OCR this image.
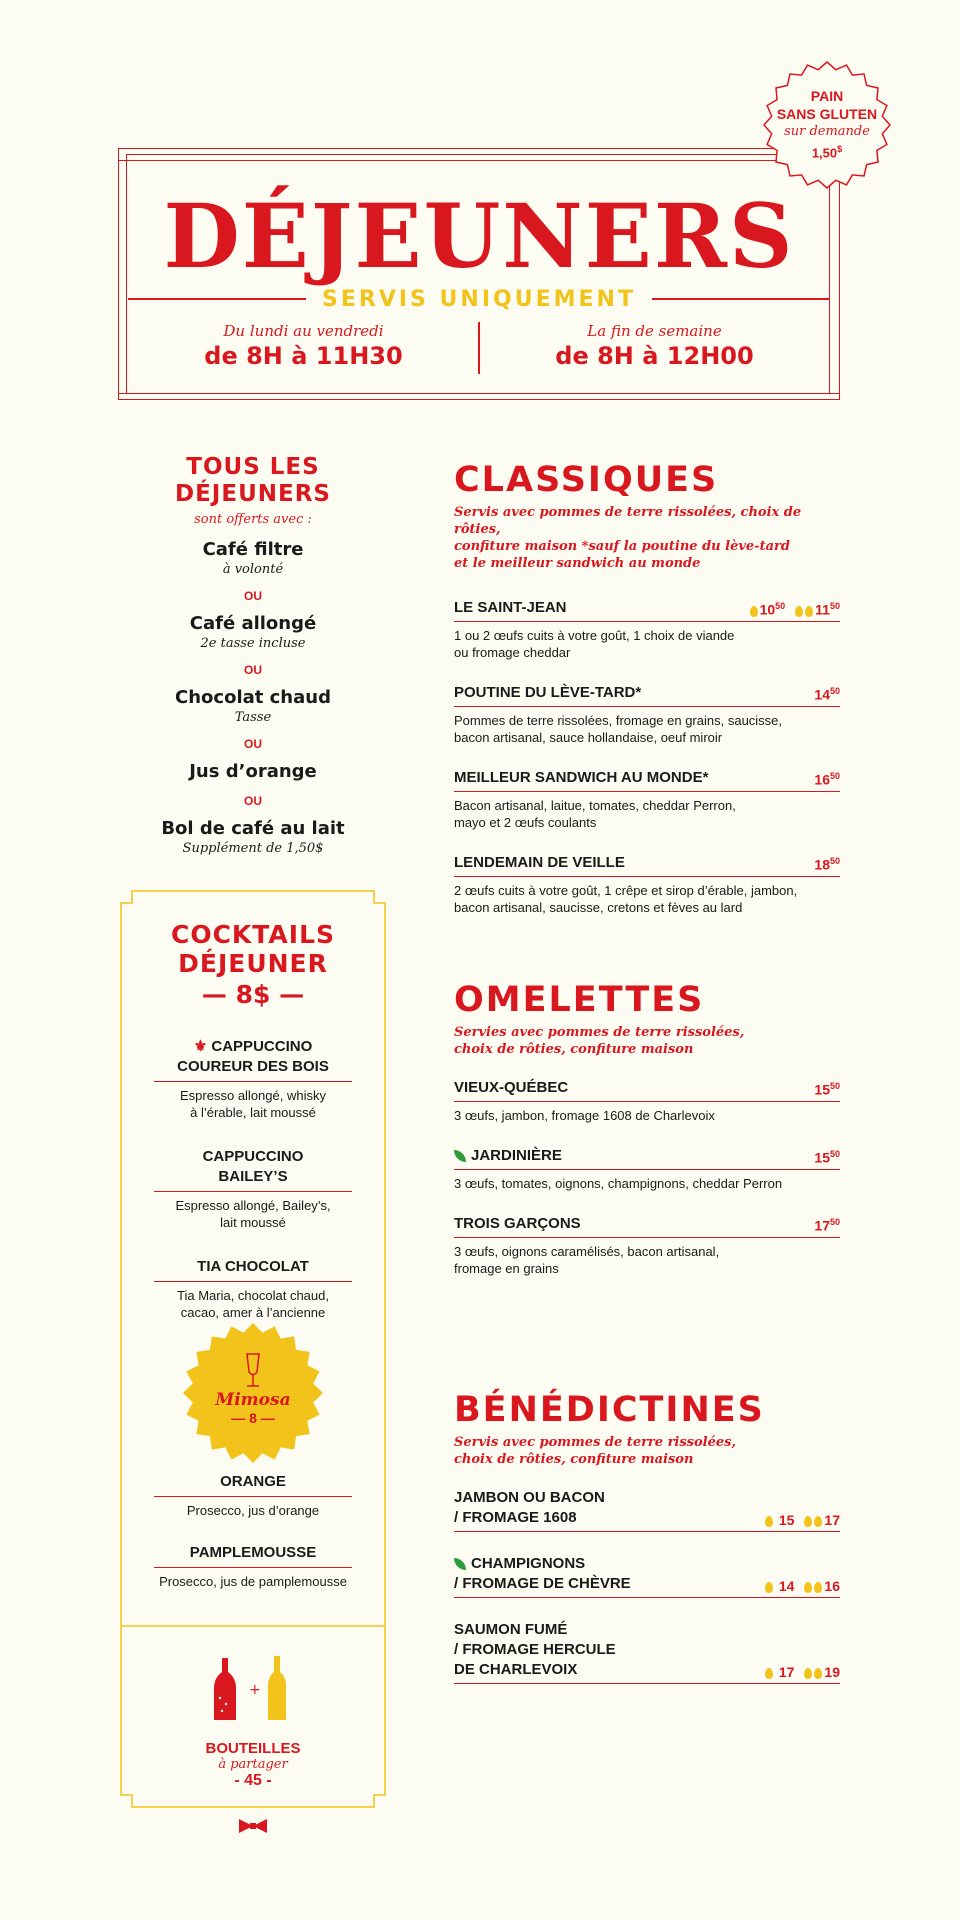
DÉJEUNERS
SERVIS UNIQUEMENT
Du lundi au vendredi
de 8H à 11H30
La fin de semaine
de 8H à 12H00
PAIN
SANS GLUTEN
sur demande
1,50$
TOUS LES
DÉJEUNERS
sont offerts avec :
Café filtre
à volonté
OU
Café allongé
2e tasse incluse
OU
Chocolat chaud
Tasse
OU
Jus d’orange
OU
Bol de café au lait
Supplément de 1,50$
COCKTAILS
DÉJEUNER
— 8$ —
⚜ CAPPUCCINO
COUREUR DES BOIS
Espresso allongé, whisky
à l’érable, lait moussé
CAPPUCCINO
BAILEY’S
Espresso allongé, Bailey’s,
lait moussé
TIA CHOCOLAT
Tia Maria, chocolat chaud,
cacao, amer à l’ancienne
Mimosa
— 8 —
ORANGE
Prosecco, jus d’orange
PAMPLEMOUSSE
Prosecco, jus de pamplemousse
+
BOUTEILLES
à partager
- 45 -
CLASSIQUES
Servis avec pommes de terre rissolées, choix de rôties,
confiture maison *sauf la poutine du lève-tard
et le meilleur sandwich au monde
LE SAINT-JEAN	$10^{50}$	$11^{50}$
1 ou 2 œufs cuits à votre goût, 1 choix de viande
ou fromage cheddar
POUTINE DU LÈVE-TARD*	$14^{50}$
Pommes de terre rissolées, fromage en grains, saucisse,
bacon artisanal, sauce hollandaise, oeuf miroir
MEILLEUR SANDWICH AU MONDE*	$16^{50}$
Bacon artisanal, laitue, tomates, cheddar Perron,
mayo et 2 œufs coulants
LENDEMAIN DE VEILLE	$18^{50}$
2 œufs cuits à votre goût, 1 crêpe et sirop d’érable, jambon,
bacon artisanal, saucisse, cretons et fèves au lard
OMELETTES
Servies avec pommes de terre rissolées,
choix de rôties, confiture maison
VIEUX-QUÉBEC	$15^{50}$
3 œufs, jambon, fromage 1608 de Charlevoix
JARDINIÈRE	$15^{50}$
3 œufs, tomates, oignons, champignons, cheddar Perron
TROIS GARÇONS	$17^{50}$
3 œufs, oignons caramélisés, bacon artisanal,
fromage en grains
BÉNÉDICTINES
Servis avec pommes de terre rissolées,
choix de rôties, confiture maison
JAMBON OU BACON
/ FROMAGE 1608	15	17
CHAMPIGNONS
/ FROMAGE DE CHÈVRE	14	16
SAUMON FUMÉ
/ FROMAGE HERCULE
DE CHARLEVOIX	17	19
